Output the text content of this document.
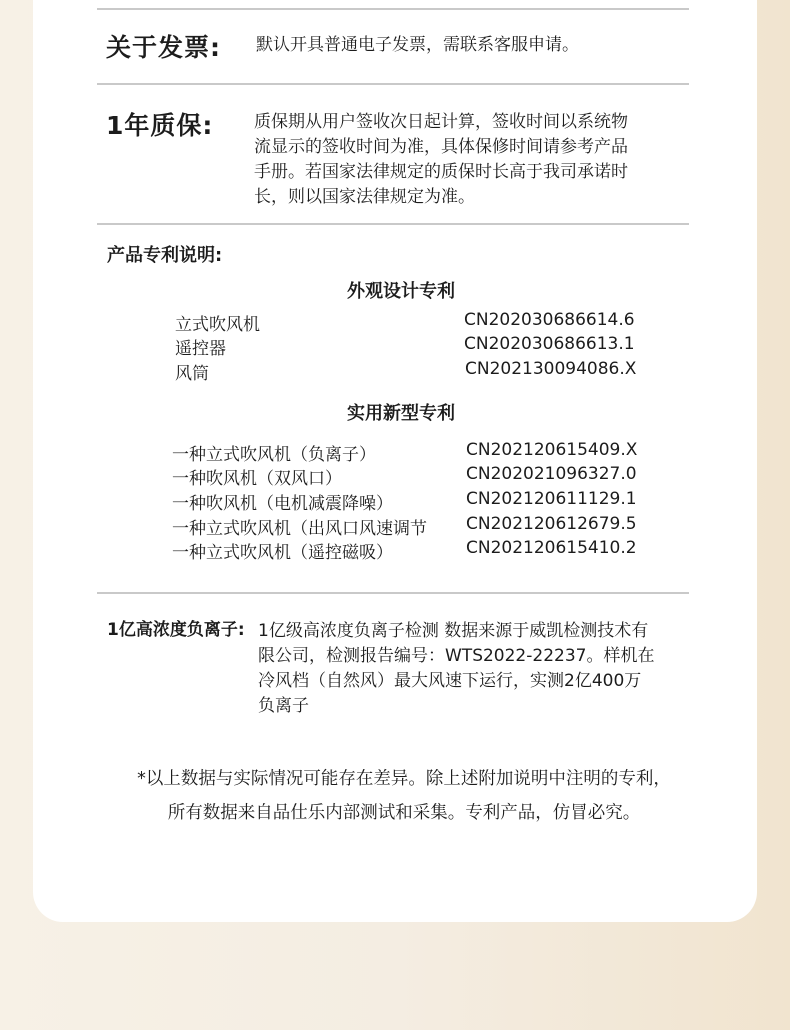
关于发票: 默认开具普通电子发票，需联系客服申请。
1年质保: 质保期从用户签收次日起计算，签收时间以系统物
流显示的签收时间为准，具体保修时间请参考产品
手册。若国家法律规定的质保时长高于我司承诺时
长，则以国家法律规定为准。
产品专利说明:
外观设计专利
立式吹风机	CN202030686614.6
遥控器	CN202030686613.1
风筒	CN202130094086.X
实用新型专利
一种立式吹风机（负离子）	CN202120615409.X
一种吹风机（双风口）	CN202021096327.0
一种吹风机（电机减震降噪）	CN202120611129.1
一种立式吹风机（出风口风速调节 CN202120612679.5
一种立式吹风机（遥控磁吸）	CN202120615410.2
1亿高浓度负离子: 1亿级高浓度负离子检测 数据来源于威凯检测技术有
限公司，检测报告编号：WTS2022-22237。样机在
冷风档（自然风）最大风速下运行，实测2亿400万
负离子
*以上数据与实际情况可能存在差异。除上述附加说明中注明的专利，
所有数据来自品仕乐内部测试和采集。专利产品，仿冒必究。
